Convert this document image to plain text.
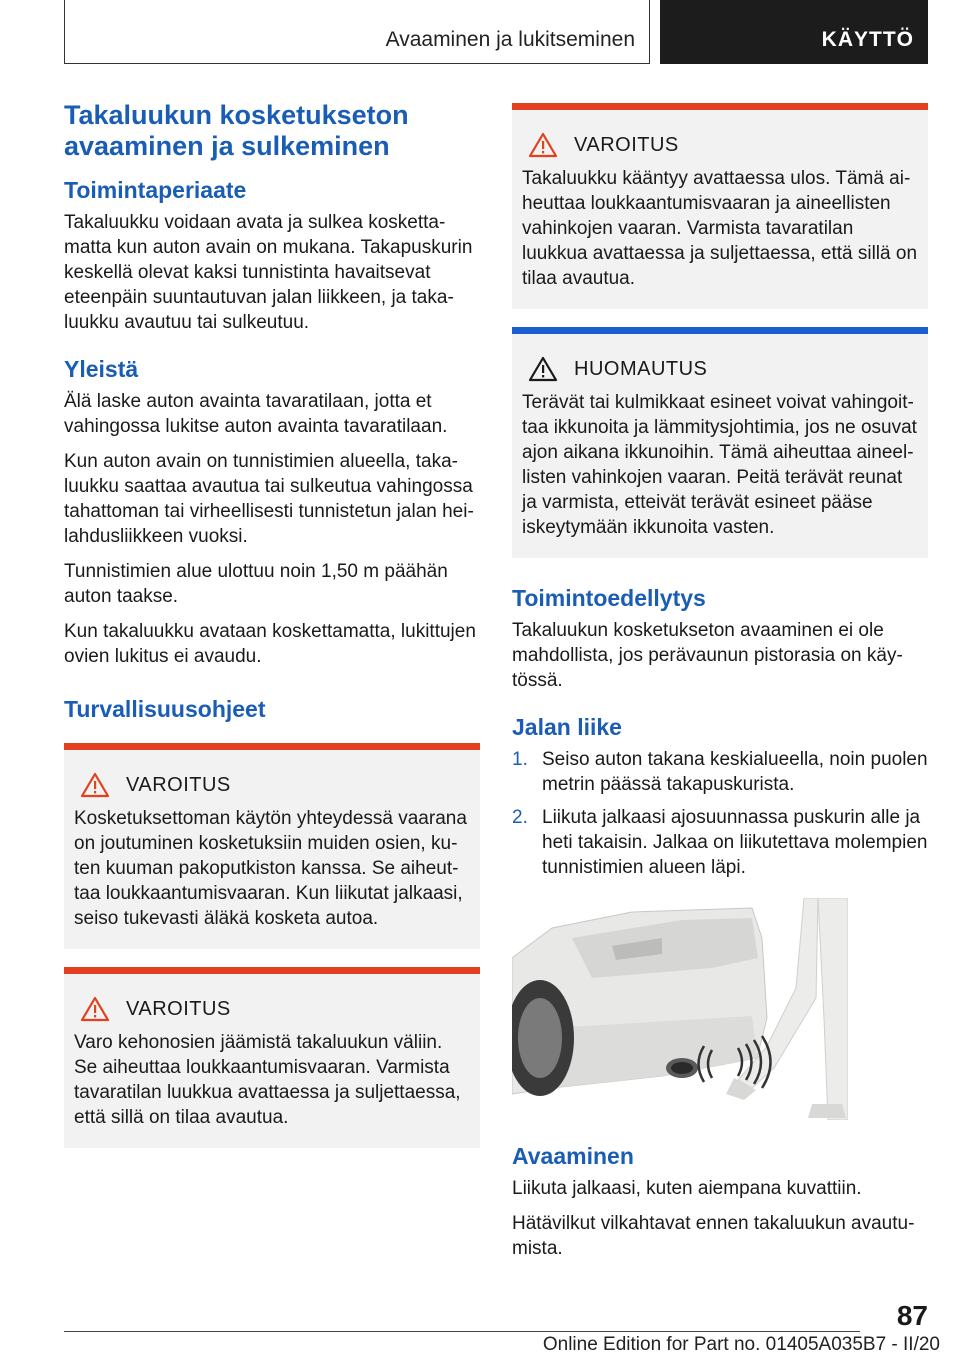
Avaaminen ja lukitseminen	KÄYTTÖ
Takaluukun kosketukseton avaaminen ja sulkeminen
Toimintaperiaate

Takaluukku voidaan avata ja sulkea koskettamatta kun auton avain on mukana. Takapuskurin keskellä olevat kaksi tunnistinta havaitsevat eteenpäin suuntautuvan jalan liikkeen, ja takaluukku avautuu tai sulkeutuu.

Yleistä

Älä laske auton avainta tavaratilaan, jotta et vahingossa lukitse auton avainta tavaratilaan.

Kun auton avain on tunnistimien alueella, takaluukku saattaa avautua tai sulkeutua vahingossa tahattoman tai virheellisesti tunnistetun jalan heilahdusliikkeen vuoksi.

Tunnistimien alue ulottuu noin 1,50 m päähän auton taakse.

Kun takaluukku avataan koskettamatta, lukittujen ovien lukitus ei avaudu.

Turvallisuusohjeet
VAROITUS

Kosketuksettoman käytön yhteydessä vaarana on joutuminen kosketuksiin muiden osien, kuten kuuman pakoputkiston kanssa. Se aiheuttaa loukkaantumisvaaran. Kun liikutat jalkaasi, seiso tukevasti äläkä kosketa autoa.

VAROITUS

Varo kehonosien jäämistä takaluukun väliin. Se aiheuttaa loukkaantumisvaaran. Varmista tavaratilan luukkua avattaessa ja suljettaessa, että sillä on tilaa avautua.

VAROITUS

Takaluukku kääntyy avattaessa ulos. Tämä aiheuttaa loukkaantumisvaaran ja aineellisten vahinkojen vaaran. Varmista tavaratilan luukkua avattaessa ja suljettaessa, että sillä on tilaa avautua.

HUOMAUTUS

Terävät tai kulmikkaat esineet voivat vahingoittaa ikkunoita ja lämmitysjohtimia, jos ne osuvat ajon aikana ikkunoihin. Tämä aiheuttaa aineellisten vahinkojen vaaran. Peitä terävät reunat ja varmista, etteivät terävät esineet pääse iskeytymään ikkunoita vasten.

Toimintoedellytys

Takaluukun kosketukseton avaaminen ei ole mahdollista, jos perävaunun pistorasia on käytössä.

Jalan liike
1. Seiso auton takana keskialueella, noin puolen metrin päässä takapuskurista.
2. Liikuta jalkaasi ajosuunnassa puskurin alle ja heti takaisin. Jalkaa on liikutettava molempien tunnistimien alueen läpi.
Avaaminen

Liikuta jalkaasi, kuten aiempana kuvattiin.

Hätävilkut vilkahtavat ennen takaluukun avautumista.

87
Online Edition for Part no. 01405A035B7 - II/20
